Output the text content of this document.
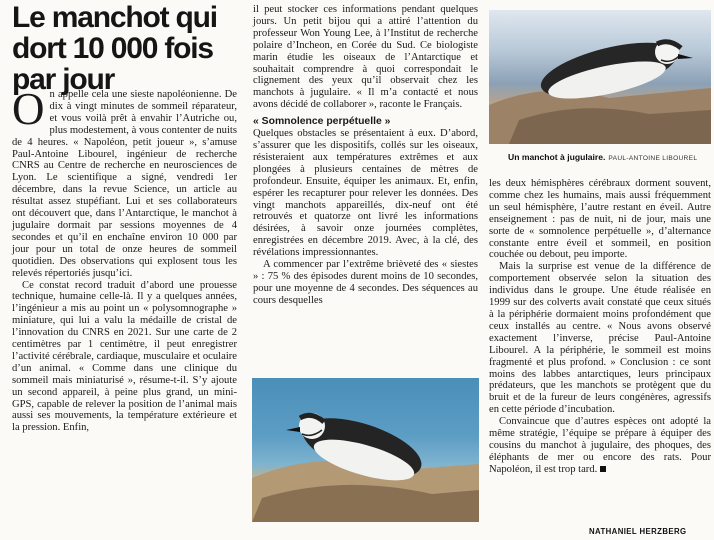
Le manchot qui dort 10 000 fois par jour

On appelle cela une sieste napoléonienne. De dix à vingt minutes de sommeil réparateur, et vous voilà prêt à envahir l’Autriche ou, plus modestement, à vous contenter de nuits de 4 heures. « Napoléon, petit joueur », s’amuse Paul-Antoine Libourel, ingénieur de recherche CNRS au Centre de recherche en neurosciences de Lyon. Le scientifique a signé, vendredi 1er décembre, dans la revue Science, un article au résultat assez stupéfiant. Lui et ses collaborateurs ont découvert que, dans l’Antarctique, le manchot à jugulaire dormait par sessions moyennes de 4 secondes et qu’il en enchaîne environ 10 000 par jour pour un total de onze heures de sommeil quotidien. Des observations qui explosent tous les relevés répertoriés jusqu’ici.

Ce constat record traduit d’abord une prouesse technique, humaine celle-là. Il y a quelques années, l’ingénieur a mis au point un « polysomnographe » miniature, qui lui a valu la médaille de cristal de l’innovation du CNRS en 2021. Sur une carte de 2 centimètres par 1 centimètre, il peut enregistrer l’activité cérébrale, cardiaque, musculaire et oculaire d’un animal. « Comme dans une clinique du sommeil mais miniaturisé », résume-t-il. S’y ajoute un second appareil, à peine plus grand, un mini-GPS, capable de relever la position de l’animal mais aussi ses mouvements, la température extérieure et la pression. Enfin,

il peut stocker ces informations pendant quelques jours. Un petit bijou qui a attiré l’attention du professeur Won Young Lee, à l’Institut de recherche polaire d’Incheon, en Corée du Sud. Ce biologiste marin étudie les oiseaux de l’Antarctique et souhaitait comprendre à quoi correspondait le clignement des yeux qu’il observait chez les manchots à jugulaire. « Il m’a contacté et nous avons décidé de collaborer », raconte le Français.

« Somnolence perpétuelle »

Quelques obstacles se présentaient à eux. D’abord, s’assurer que les dispositifs, collés sur les oiseaux, résisteraient aux températures extrêmes et aux plongées à plusieurs centaines de mètres de profondeur. Ensuite, équiper les animaux. Et, enfin, espérer les recapturer pour relever les données. Des vingt manchots appareillés, dix-neuf ont été retrouvés et quatorze ont livré les informations désirées, à savoir onze journées complètes, enregistrées en décembre 2019. Avec, à la clé, des révélations impressionnantes.

A commencer par l’extrême brièveté des « siestes » : 75 % des épisodes durent moins de 10 secondes, pour une moyenne de 4 secondes. Des séquences au cours desquelles

Un manchot à jugulaire. PAUL-ANTOINE LIBOUREL

les deux hémisphères cérébraux dorment souvent, comme chez les humains, mais aussi fréquemment un seul hémisphère, l’autre restant en éveil. Autre enseignement : pas de nuit, ni de jour, mais une sorte de « somnolence perpétuelle », d’alternance constante entre éveil et sommeil, en position couchée ou debout, peu importe.

Mais la surprise est venue de la différence de comportement observée selon la situation des individus dans le groupe. Une étude réalisée en 1999 sur des colverts avait constaté que ceux situés à la périphérie dormaient moins profondément que ceux installés au centre. « Nous avons observé exactement l’inverse, précise Paul-Antoine Libourel. A la périphérie, le sommeil est moins fragmenté et plus profond. » Conclusion : ce sont moins des labbes antarctiques, leurs principaux prédateurs, que les manchots se protègent que du bruit et de la fureur de leurs congénères, agressifs en cette période d’incubation.

Convaincue que d’autres espèces ont adopté la même stratégie, l’équipe se prépare à équiper des cousins du manchot à jugulaire, des phoques, des éléphants de mer ou encore des rats. Pour Napoléon, il est trop tard.

NATHANIEL HERZBERG
